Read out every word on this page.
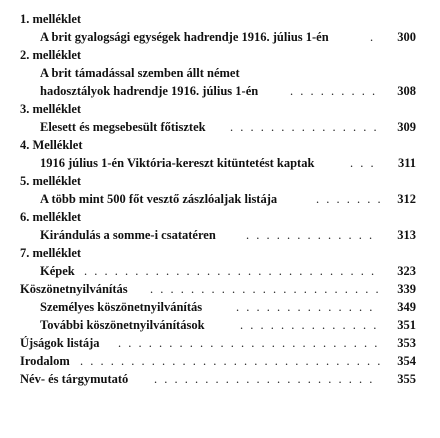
1. melléklet
. . .
A brit gyalogsági egységek hadrendje 1916. július 1-én	300
2. melléklet
A brit támadással szemben állt német
. . .
hadosztályok hadrendje 1916. július 1-én	308
3. melléklet
. . .
Elesett és megsebesült főtisztek	309
4. Melléklet
. . .
1916 július 1-én Viktória-kereszt kitüntetést kaptak	311
5. melléklet
. . .
A több mint 500 főt vesztő zászlóaljak listája	312
6. melléklet
. . .
Kirándulás a somme-i csatatéren	313
7. melléklet
. . .
Képek	323
. . .
Köszönetnyilvánítás	339
. . .
Személyes köszönetnyilvánítás	349
. . .
További köszönetnyilvánítások	351
. . .
Újságok listája	353
. . .
Irodalom	354
. . .
Név- és tárgymutató	355
